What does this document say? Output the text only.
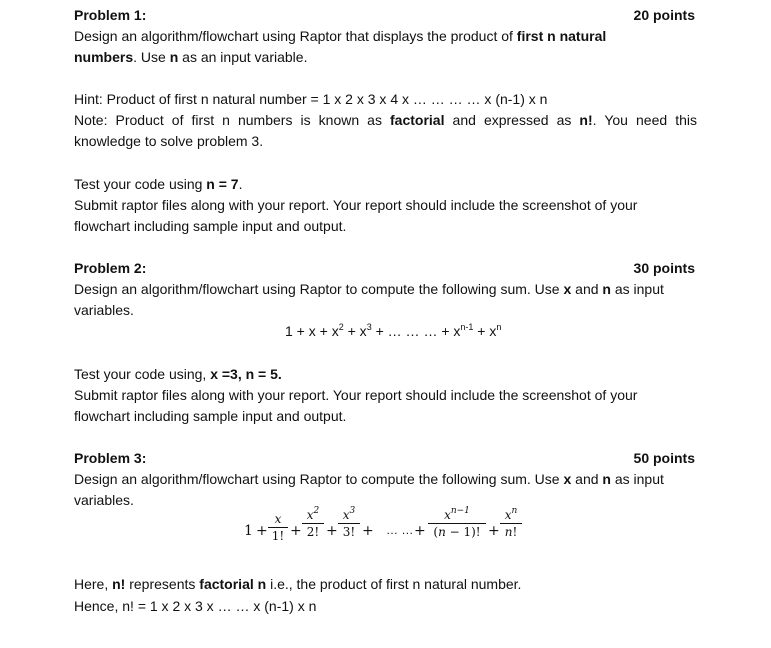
Problem 1:	20 points
Design an algorithm/flowchart using Raptor that displays the product of first n natural
numbers. Use n as an input variable.
Hint: Product of first n natural number = 1 x 2 x 3 x 4 x … … … … x (n-1) x n
Note: Product of first n numbers is known as factorial and expressed as n!. You need this
knowledge to solve problem 3.
Test your code using n = 7.
Submit raptor files along with your report. Your report should include the screenshot of your
flowchart including sample input and output.
Problem 2:	30 points
Design an algorithm/flowchart using Raptor to compute the following sum. Use x and n as input
variables.
$1 + x + x^2 + x^3$ + … … … + $x^{n-1} + x^n$
Test your code using, x =3, n = 5.
Submit raptor files along with your report. Your report should include the screenshot of your
flowchart including sample input and output.
Problem 3:	50 points
Design an algorithm/flowchart using Raptor to compute the following sum. Use x and n as input
variables.
1 +
x
1! +
$x^2$
2! +
$x^3$
3! + … … +
$x^{n-1}$
(n − 1)! +
$x^n$
n!
Here, n! represents factorial n i.e., the product of first n natural number.
Hence, n! = 1 x 2 x 3 x … … x (n-1) x n
